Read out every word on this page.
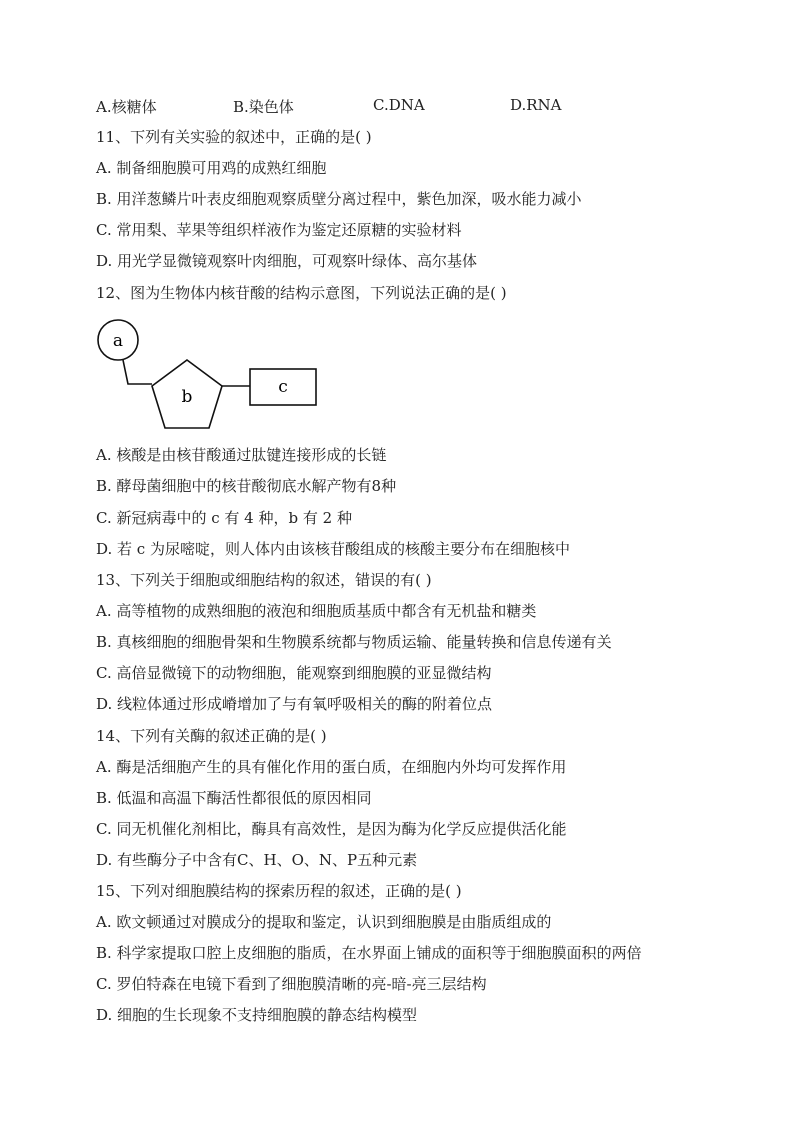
A.核糖体	B.染色体	C.DNA	D.RNA
11、下列有关实验的叙述中，正确的是( )
A. 制备细胞膜可用鸡的成熟红细胞
B. 用洋葱鳞片叶表皮细胞观察质壁分离过程中，紫色加深，吸水能力减小
C. 常用梨、苹果等组织样液作为鉴定还原糖的实验材料
D. 用光学显微镜观察叶肉细胞，可观察叶绿体、高尔基体
12、图为生物体内核苷酸的结构示意图，下列说法正确的是( )
a
b	c
A. 核酸是由核苷酸通过肽键连接形成的长链
B. 酵母菌细胞中的核苷酸彻底水解产物有8种
C. 新冠病毒中的 c 有 4 种，b 有 2 种
D. 若 c 为尿嘧啶，则人体内由该核苷酸组成的核酸主要分布在细胞核中
13、下列关于细胞或细胞结构的叙述，错误的有( )
A. 高等植物的成熟细胞的液泡和细胞质基质中都含有无机盐和糖类
B. 真核细胞的细胞骨架和生物膜系统都与物质运输、能量转换和信息传递有关
C. 高倍显微镜下的动物细胞，能观察到细胞膜的亚显微结构
D. 线粒体通过形成嵴增加了与有氧呼吸相关的酶的附着位点
14、下列有关酶的叙述正确的是( )
A. 酶是活细胞产生的具有催化作用的蛋白质，在细胞内外均可发挥作用
B. 低温和高温下酶活性都很低的原因相同
C. 同无机催化剂相比，酶具有高效性，是因为酶为化学反应提供活化能
D. 有些酶分子中含有C、H、O、N、P五种元素
15、下列对细胞膜结构的探索历程的叙述，正确的是( )
A. 欧文顿通过对膜成分的提取和鉴定，认识到细胞膜是由脂质组成的
B. 科学家提取口腔上皮细胞的脂质，在水界面上铺成的面积等于细胞膜面积的两倍
C. 罗伯特森在电镜下看到了细胞膜清晰的亮-暗-亮三层结构
D. 细胞的生长现象不支持细胞膜的静态结构模型
